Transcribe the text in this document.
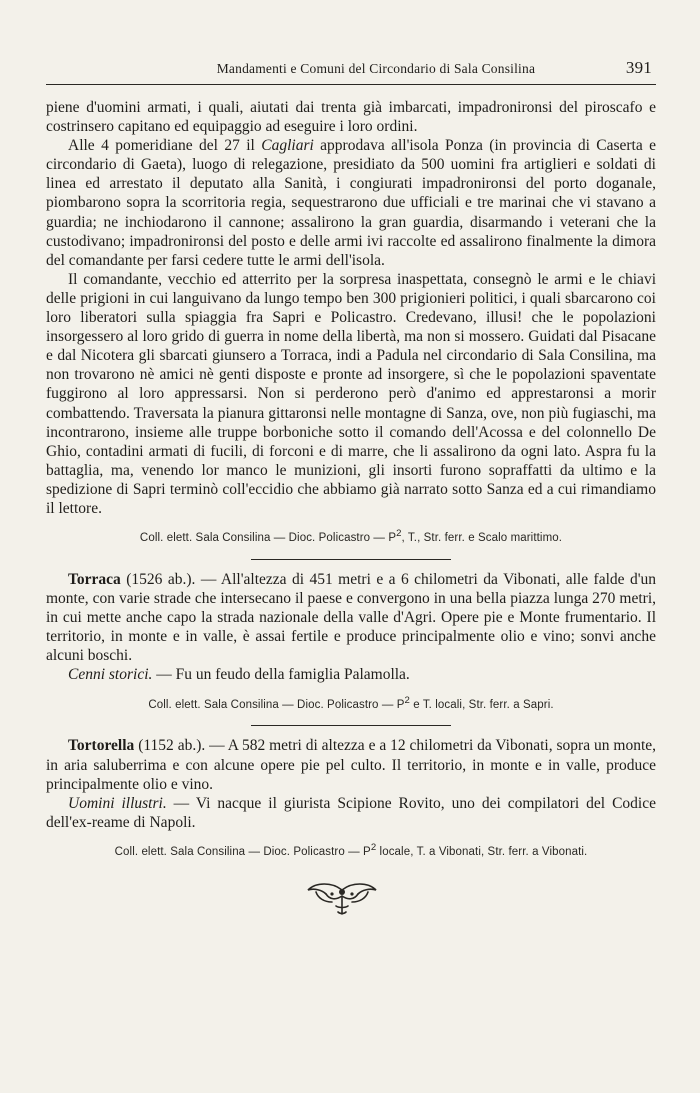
Mandamenti e Comuni del Circondario di Sala Consilina	391

piene d'uomini armati, i quali, aiutati dai trenta già imbarcati, impadronironsi del piroscafo e costrinsero capitano ed equipaggio ad eseguire i loro ordini.

Alle 4 pomeridiane del 27 il Cagliari approdava all'isola Ponza (in provincia di Caserta e circondario di Gaeta), luogo di relegazione, presidiato da 500 uomini fra artiglieri e soldati di linea ed arrestato il deputato alla Sanità, i congiurati impadronironsi del porto doganale, piombarono sopra la scorritoria regia, sequestrarono due ufficiali e tre marinai che vi stavano a guardia; ne inchiodarono il cannone; assalirono la gran guardia, disarmando i veterani che la custodivano; impadronironsi del posto e delle armi ivi raccolte ed assalirono finalmente la dimora del comandante per farsi cedere tutte le armi dell'isola.

Il comandante, vecchio ed atterrito per la sorpresa inaspettata, consegnò le armi e le chiavi delle prigioni in cui languivano da lungo tempo ben 300 prigionieri politici, i quali sbarcarono coi loro liberatori sulla spiaggia fra Sapri e Policastro. Credevano, illusi! che le popolazioni insorgessero al loro grido di guerra in nome della libertà, ma non si mossero. Guidati dal Pisacane e dal Nicotera gli sbarcati giunsero a Torraca, indi a Padula nel circondario di Sala Consilina, ma non trovarono nè amici nè genti disposte e pronte ad insorgere, sì che le popolazioni spaventate fuggirono al loro appressarsi. Non si perderono però d'animo ed apprestaronsi a morir combattendo. Traversata la pianura gittaronsi nelle montagne di Sanza, ove, non più fugiaschi, ma incontrarono, insieme alle truppe borboniche sotto il comando dell'Acossa e del colonnello De Ghio, contadini armati di fucili, di forconi e di marre, che li assalirono da ogni lato. Aspra fu la battaglia, ma, venendo lor manco le munizioni, gli insorti furono sopraffatti da ultimo e la spedizione di Sapri terminò coll'eccidio che abbiamo già narrato sotto Sanza ed a cui rimandiamo il lettore.

Coll. elett. Sala Consilina — Dioc. Policastro — $P^2$, T., Str. ferr. e Scalo marittimo.

Torraca (1526 ab.). — All'altezza di 451 metri e a 6 chilometri da Vibonati, alle falde d'un monte, con varie strade che intersecano il paese e convergono in una bella piazza lunga 270 metri, in cui mette anche capo la strada nazionale della valle d'Agri. Opere pie e Monte frumentario. Il territorio, in monte e in valle, è assai fertile e produce principalmente olio e vino; sonvi anche alcuni boschi.

Cenni storici. — Fu un feudo della famiglia Palamolla.

Coll. elett. Sala Consilina — Dioc. Policastro — $P^2$ e T. locali, Str. ferr. a Sapri.

Tortorella (1152 ab.). — A 582 metri di altezza e a 12 chilometri da Vibonati, sopra un monte, in aria saluberrima e con alcune opere pie pel culto. Il territorio, in monte e in valle, produce principalmente olio e vino.

Uomini illustri. — Vi nacque il giurista Scipione Rovito, uno dei compilatori del Codice dell'ex-reame di Napoli.

Coll. elett. Sala Consilina — Dioc. Policastro — $P^2$ locale, T. a Vibonati, Str. ferr. a Vibonati.
